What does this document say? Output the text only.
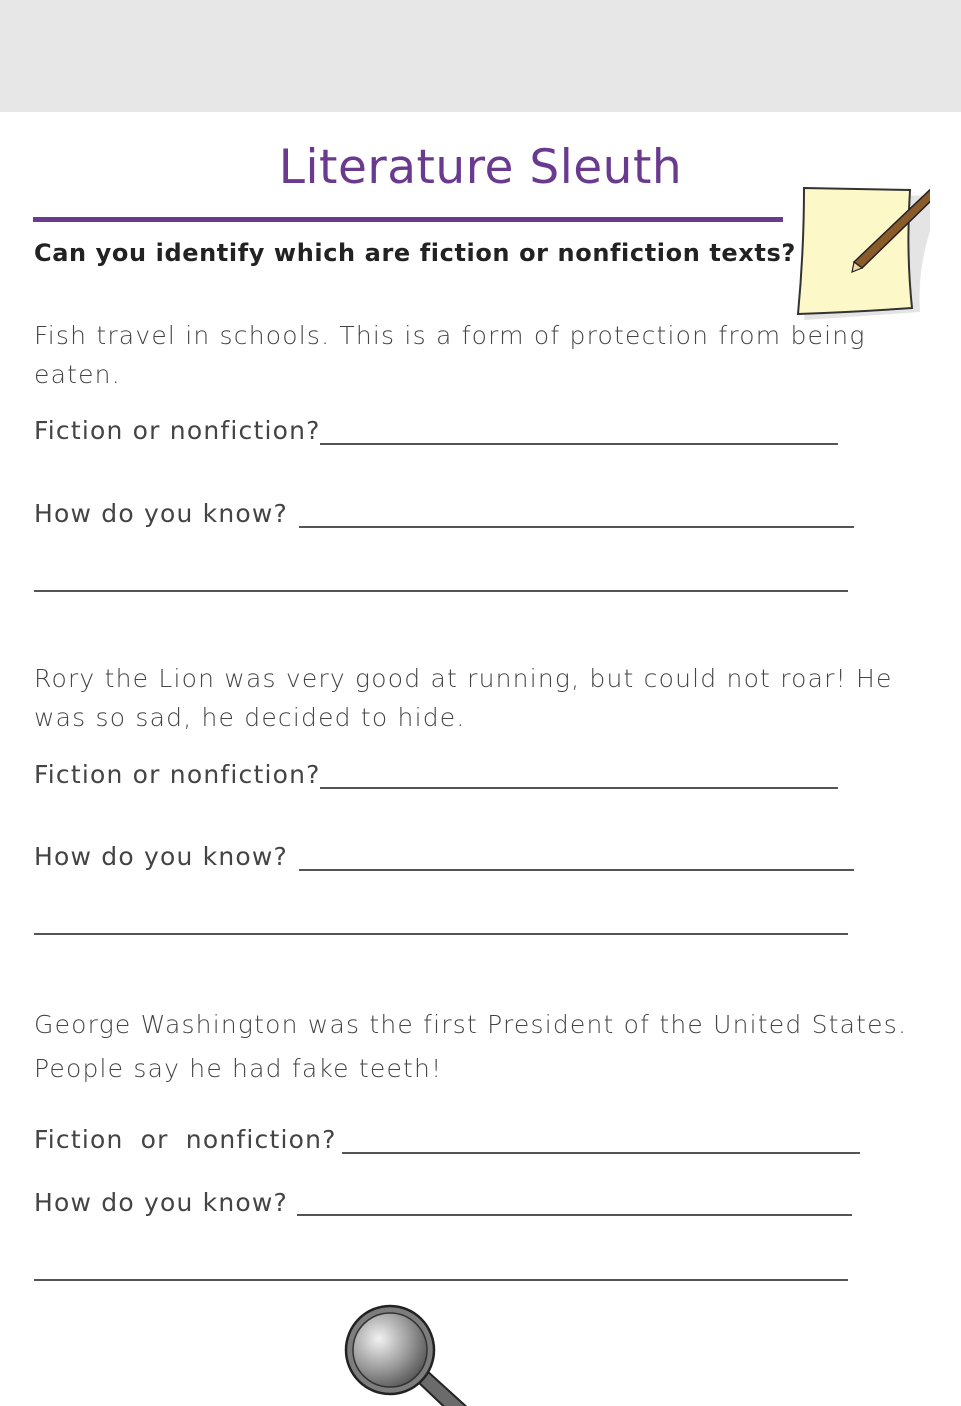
Literature Sleuth
Can you identify which are fiction or nonfiction texts?
Fish travel in schools. This is a form of protection from being eaten.
Fiction or nonfiction?
How do you know?
Rory the Lion was very good at running, but could not roar! He was so sad, he decided to hide.
Fiction or nonfiction?
How do you know?
George Washington was the first President of the United States. People say he had fake teeth!
Fiction or nonfiction?
How do you know?
